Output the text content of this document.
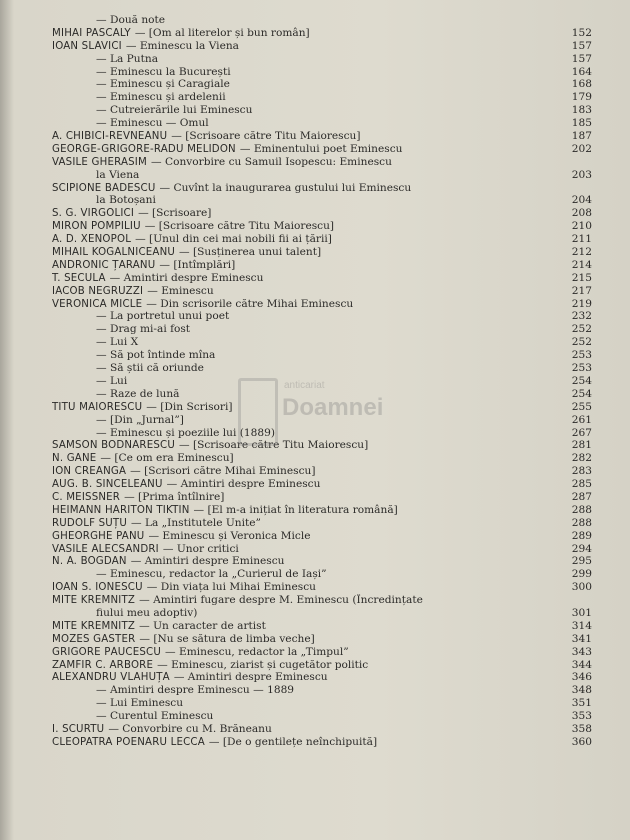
— Două note
MIHAI PASCALY — [Om al literelor și bun român]	152
IOAN SLAVICI — Eminescu la Viena	157
— La Putna	157
— Eminescu la București	164
— Eminescu și Caragiale	168
— Eminescu și ardelenii	179
— Cutreierările lui Eminescu	183
— Eminescu — Omul	185
A. CHIBICI-REVNEANU — [Scrisoare către Titu Maiorescu]	187
GEORGE-GRIGORE-RADU MELIDON — Eminentului poet Eminescu	202
VASILE GHERASIM — Convorbire cu Samuil Isopescu: Eminescu
la Viena	203
SCIPIONE BĂDESCU — Cuvînt la inaugurarea gustului lui Eminescu
la Botoșani	204
S. G. VIRGOLICI — [Scrisoare]	208
MIRON POMPILIU — [Scrisoare către Titu Maiorescu]	210
A. D. XENOPOL — [Unul din cei mai nobili fii ai țării]	211
MIHAIL KOGĂLNICEANU — [Susținerea unui talent]	212
ANDRONIC ȚARANU — [Intîmplări]	214
T. SECULA — Amintiri despre Eminescu	215
IACOB NEGRUZZI — Eminescu	217
VERONICA MICLE — Din scrisorile către Mihai Eminescu	219
— La portretul unui poet	232
— Drag mi-ai fost	252
— Lui X	252
— Să pot întinde mîna	253
— Să știi că oriunde	253
— Lui	254
— Raze de lună	254
TITU MAIORESCU — [Din Scrisori]	255
— [Din „Jurnal”]	261
— Eminescu și poeziile lui (1889)	267
SAMSON BODNĂRESCU — [Scrisoare către Titu Maiorescu]	281
N. GANE — [Ce om era Eminescu]	282
ION CREANGĂ — [Scrisori către Mihai Eminescu]	283
AUG. B. SINCELEANU — Amintiri despre Eminescu	285
C. MEISSNER — [Prima întîlnire]	287
HEIMANN HARITON TIKTIN — [El m-a inițiat în literatura română]	288
RUDOLF SUȚU — La „Institutele Unite”	288
GHEORGHE PANU — Eminescu și Veronica Micle	289
VASILE ALECSANDRI — Unor critici	294
N. A. BOGDAN — Amintiri despre Eminescu	295
— Eminescu, redactor la „Curierul de Iași”	299
IOAN S. IONESCU — Din viața lui Mihai Eminescu	300
MITE KREMNITZ — Amintiri fugare despre M. Eminescu (Încredințate
fiului meu adoptiv)	301
MITE KREMNITZ — Un caracter de artist	314
MOZES GASTER — [Nu se sătura de limba veche]	341
GRIGORE PĂUCESCU — Eminescu, redactor la „Timpul”	343
ZAMFIR C. ARBORE — Eminescu, ziarist și cugetător politic	344
ALEXANDRU VLAHUȚĂ — Amintiri despre Eminescu	346
— Amintiri despre Eminescu — 1889	348
— Lui Eminescu	351
— Curentul Eminescu	353
I. SCURTU — Convorbire cu M. Brăneanu	358
CLEOPATRA POENARU LECCA — [De o gentilețe neînchipuită]	360
anticariat
Doamnei
